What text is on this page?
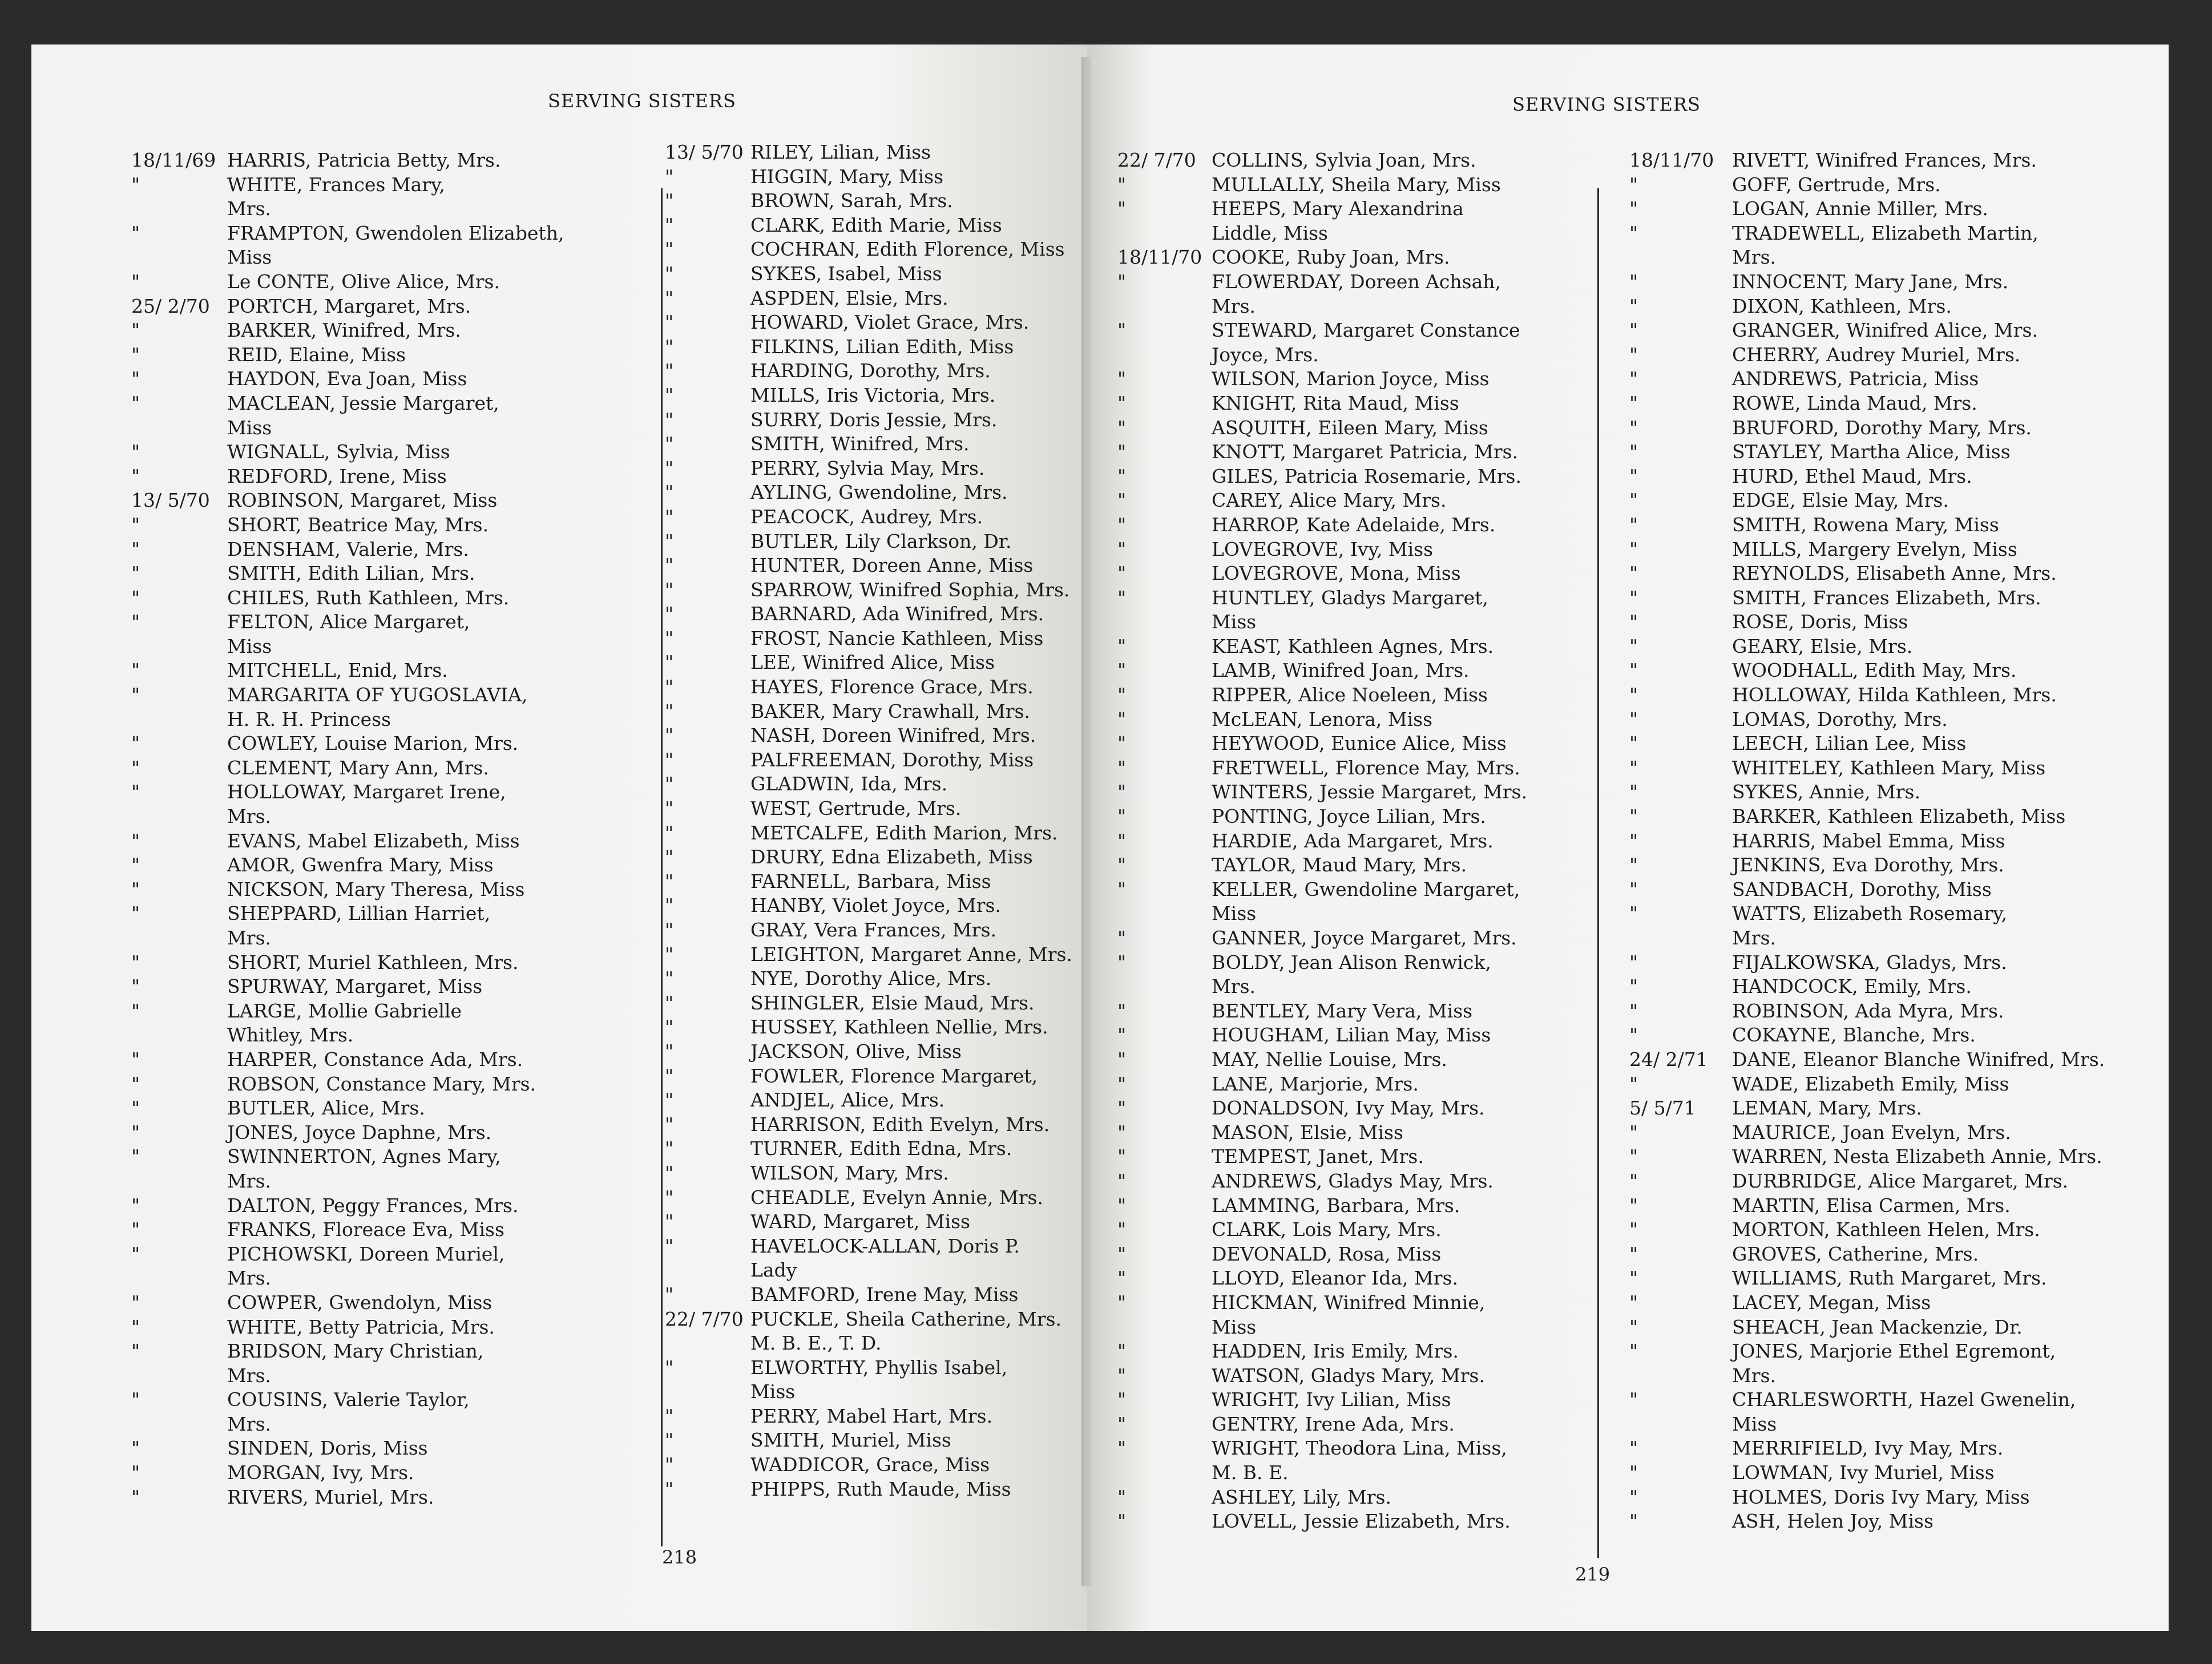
SERVING SISTERS
18/11/69 HARRIS, Patricia Betty, Mrs.
"	WHITE, Frances Mary,
Mrs.
"	FRAMPTON, Gwendolen Elizabeth,
Miss
"	Le CONTE, Olive Alice, Mrs.
25/ 2/70 PORTCH, Margaret, Mrs.
"	BARKER, Winifred, Mrs.
"	REID, Elaine, Miss
"	HAYDON, Eva Joan, Miss
"	MACLEAN, Jessie Margaret,
Miss
"	WIGNALL, Sylvia, Miss
"	REDFORD, Irene, Miss
13/ 5/70 ROBINSON, Margaret, Miss
"	SHORT, Beatrice May, Mrs.
"	DENSHAM, Valerie, Mrs.
"	SMITH, Edith Lilian, Mrs.
"	CHILES, Ruth Kathleen, Mrs.
"	FELTON, Alice Margaret,
Miss
"	MITCHELL, Enid, Mrs.
"	MARGARITA OF YUGOSLAVIA,
H. R. H. Princess
"	COWLEY, Louise Marion, Mrs.
"	CLEMENT, Mary Ann, Mrs.
"	HOLLOWAY, Margaret Irene,
Mrs.
"	EVANS, Mabel Elizabeth, Miss
"	AMOR, Gwenfra Mary, Miss
"	NICKSON, Mary Theresa, Miss
"	SHEPPARD, Lillian Harriet,
Mrs.
"	SHORT, Muriel Kathleen, Mrs.
"	SPURWAY, Margaret, Miss
"	LARGE, Mollie Gabrielle
Whitley, Mrs.
"	HARPER, Constance Ada, Mrs.
"	ROBSON, Constance Mary, Mrs.
"	BUTLER, Alice, Mrs.
"	JONES, Joyce Daphne, Mrs.
"	SWINNERTON, Agnes Mary,
Mrs.
"	DALTON, Peggy Frances, Mrs.
"	FRANKS, Floreace Eva, Miss
"	PICHOWSKI, Doreen Muriel,
Mrs.
"	COWPER, Gwendolyn, Miss
"	WHITE, Betty Patricia, Mrs.
"	BRIDSON, Mary Christian,
Mrs.
"	COUSINS, Valerie Taylor,
Mrs.
"	SINDEN, Doris, Miss
"	MORGAN, Ivy, Mrs.
"	RIVERS, Muriel, Mrs.
13/ 5/70 RILEY, Lilian, Miss
"	HIGGIN, Mary, Miss
"	BROWN, Sarah, Mrs.
"	CLARK, Edith Marie, Miss
"	COCHRAN, Edith Florence, Miss
"	SYKES, Isabel, Miss
"	ASPDEN, Elsie, Mrs.
"	HOWARD, Violet Grace, Mrs.
"	FILKINS, Lilian Edith, Miss
"	HARDING, Dorothy, Mrs.
"	MILLS, Iris Victoria, Mrs.
"	SURRY, Doris Jessie, Mrs.
"	SMITH, Winifred, Mrs.
"	PERRY, Sylvia May, Mrs.
"	AYLING, Gwendoline, Mrs.
"	PEACOCK, Audrey, Mrs.
"	BUTLER, Lily Clarkson, Dr.
"	HUNTER, Doreen Anne, Miss
"	SPARROW, Winifred Sophia, Mrs.
"	BARNARD, Ada Winifred, Mrs.
"	FROST, Nancie Kathleen, Miss
"	LEE, Winifred Alice, Miss
"	HAYES, Florence Grace, Mrs.
"	BAKER, Mary Crawhall, Mrs.
"	NASH, Doreen Winifred, Mrs.
"	PALFREEMAN, Dorothy, Miss
"	GLADWIN, Ida, Mrs.
"	WEST, Gertrude, Mrs.
"	METCALFE, Edith Marion, Mrs.
"	DRURY, Edna Elizabeth, Miss
"	FARNELL, Barbara, Miss
"	HANBY, Violet Joyce, Mrs.
"	GRAY, Vera Frances, Mrs.
"	LEIGHTON, Margaret Anne, Mrs.
"	NYE, Dorothy Alice, Mrs.
"	SHINGLER, Elsie Maud, Mrs.
"	HUSSEY, Kathleen Nellie, Mrs.
"	JACKSON, Olive, Miss
"	FOWLER, Florence Margaret,
"	ANDJEL, Alice, Mrs.
"	HARRISON, Edith Evelyn, Mrs.
"	TURNER, Edith Edna, Mrs.
"	WILSON, Mary, Mrs.
"	CHEADLE, Evelyn Annie, Mrs.
"	WARD, Margaret, Miss
"	HAVELOCK-ALLAN, Doris P.
Lady
"	BAMFORD, Irene May, Miss
22/ 7/70 PUCKLE, Sheila Catherine, Mrs.
M. B. E., T. D.
"	ELWORTHY, Phyllis Isabel,
Miss
"	PERRY, Mabel Hart, Mrs.
"	SMITH, Muriel, Miss
"	WADDICOR, Grace, Miss
"	PHIPPS, Ruth Maude, Miss
218
SERVING SISTERS
22/ 7/70 COLLINS, Sylvia Joan, Mrs.
"	MULLALLY, Sheila Mary, Miss
"	HEEPS, Mary Alexandrina
Liddle, Miss
18/11/70 COOKE, Ruby Joan, Mrs.
"	FLOWERDAY, Doreen Achsah,
Mrs.
"	STEWARD, Margaret Constance
Joyce, Mrs.
"	WILSON, Marion Joyce, Miss
"	KNIGHT, Rita Maud, Miss
"	ASQUITH, Eileen Mary, Miss
"	KNOTT, Margaret Patricia, Mrs.
"	GILES, Patricia Rosemarie, Mrs.
"	CAREY, Alice Mary, Mrs.
"	HARROP, Kate Adelaide, Mrs.
"	LOVEGROVE, Ivy, Miss
"	LOVEGROVE, Mona, Miss
"	HUNTLEY, Gladys Margaret,
Miss
"	KEAST, Kathleen Agnes, Mrs.
"	LAMB, Winifred Joan, Mrs.
"	RIPPER, Alice Noeleen, Miss
"	McLEAN, Lenora, Miss
"	HEYWOOD, Eunice Alice, Miss
"	FRETWELL, Florence May, Mrs.
"	WINTERS, Jessie Margaret, Mrs.
"	PONTING, Joyce Lilian, Mrs.
"	HARDIE, Ada Margaret, Mrs.
"	TAYLOR, Maud Mary, Mrs.
"	KELLER, Gwendoline Margaret,
Miss
"	GANNER, Joyce Margaret, Mrs.
"	BOLDY, Jean Alison Renwick,
Mrs.
"	BENTLEY, Mary Vera, Miss
"	HOUGHAM, Lilian May, Miss
"	MAY, Nellie Louise, Mrs.
"	LANE, Marjorie, Mrs.
"	DONALDSON, Ivy May, Mrs.
"	MASON, Elsie, Miss
"	TEMPEST, Janet, Mrs.
"	ANDREWS, Gladys May, Mrs.
"	LAMMING, Barbara, Mrs.
"	CLARK, Lois Mary, Mrs.
"	DEVONALD, Rosa, Miss
"	LLOYD, Eleanor Ida, Mrs.
"	HICKMAN, Winifred Minnie,
Miss
"	HADDEN, Iris Emily, Mrs.
"	WATSON, Gladys Mary, Mrs.
"	WRIGHT, Ivy Lilian, Miss
"	GENTRY, Irene Ada, Mrs.
"	WRIGHT, Theodora Lina, Miss,
M. B. E.
"	ASHLEY, Lily, Mrs.
"	LOVELL, Jessie Elizabeth, Mrs.
18/11/70 RIVETT, Winifred Frances, Mrs.
"	GOFF, Gertrude, Mrs.
"	LOGAN, Annie Miller, Mrs.
"	TRADEWELL, Elizabeth Martin,
Mrs.
"	INNOCENT, Mary Jane, Mrs.
"	DIXON, Kathleen, Mrs.
"	GRANGER, Winifred Alice, Mrs.
"	CHERRY, Audrey Muriel, Mrs.
"	ANDREWS, Patricia, Miss
"	ROWE, Linda Maud, Mrs.
"	BRUFORD, Dorothy Mary, Mrs.
"	STAYLEY, Martha Alice, Miss
"	HURD, Ethel Maud, Mrs.
"	EDGE, Elsie May, Mrs.
"	SMITH, Rowena Mary, Miss
"	MILLS, Margery Evelyn, Miss
"	REYNOLDS, Elisabeth Anne, Mrs.
"	SMITH, Frances Elizabeth, Mrs.
"	ROSE, Doris, Miss
"	GEARY, Elsie, Mrs.
"	WOODHALL, Edith May, Mrs.
"	HOLLOWAY, Hilda Kathleen, Mrs.
"	LOMAS, Dorothy, Mrs.
"	LEECH, Lilian Lee, Miss
"	WHITELEY, Kathleen Mary, Miss
"	SYKES, Annie, Mrs.
"	BARKER, Kathleen Elizabeth, Miss
"	HARRIS, Mabel Emma, Miss
"	JENKINS, Eva Dorothy, Mrs.
"	SANDBACH, Dorothy, Miss
"	WATTS, Elizabeth Rosemary,
Mrs.
"	FIJALKOWSKA, Gladys, Mrs.
"	HANDCOCK, Emily, Mrs.
"	ROBINSON, Ada Myra, Mrs.
"	COKAYNE, Blanche, Mrs.
24/ 2/71 DANE, Eleanor Blanche Winifred, Mrs.
"	WADE, Elizabeth Emily, Miss
5/ 5/71 LEMAN, Mary, Mrs.
"	MAURICE, Joan Evelyn, Mrs.
"	WARREN, Nesta Elizabeth Annie, Mrs.
"	DURBRIDGE, Alice Margaret, Mrs.
"	MARTIN, Elisa Carmen, Mrs.
"	MORTON, Kathleen Helen, Mrs.
"	GROVES, Catherine, Mrs.
"	WILLIAMS, Ruth Margaret, Mrs.
"	LACEY, Megan, Miss
"	SHEACH, Jean Mackenzie, Dr.
"	JONES, Marjorie Ethel Egremont,
Mrs.
"	CHARLESWORTH, Hazel Gwenelin,
Miss
"	MERRIFIELD, Ivy May, Mrs.
"	LOWMAN, Ivy Muriel, Miss
"	HOLMES, Doris Ivy Mary, Miss
"	ASH, Helen Joy, Miss
219
